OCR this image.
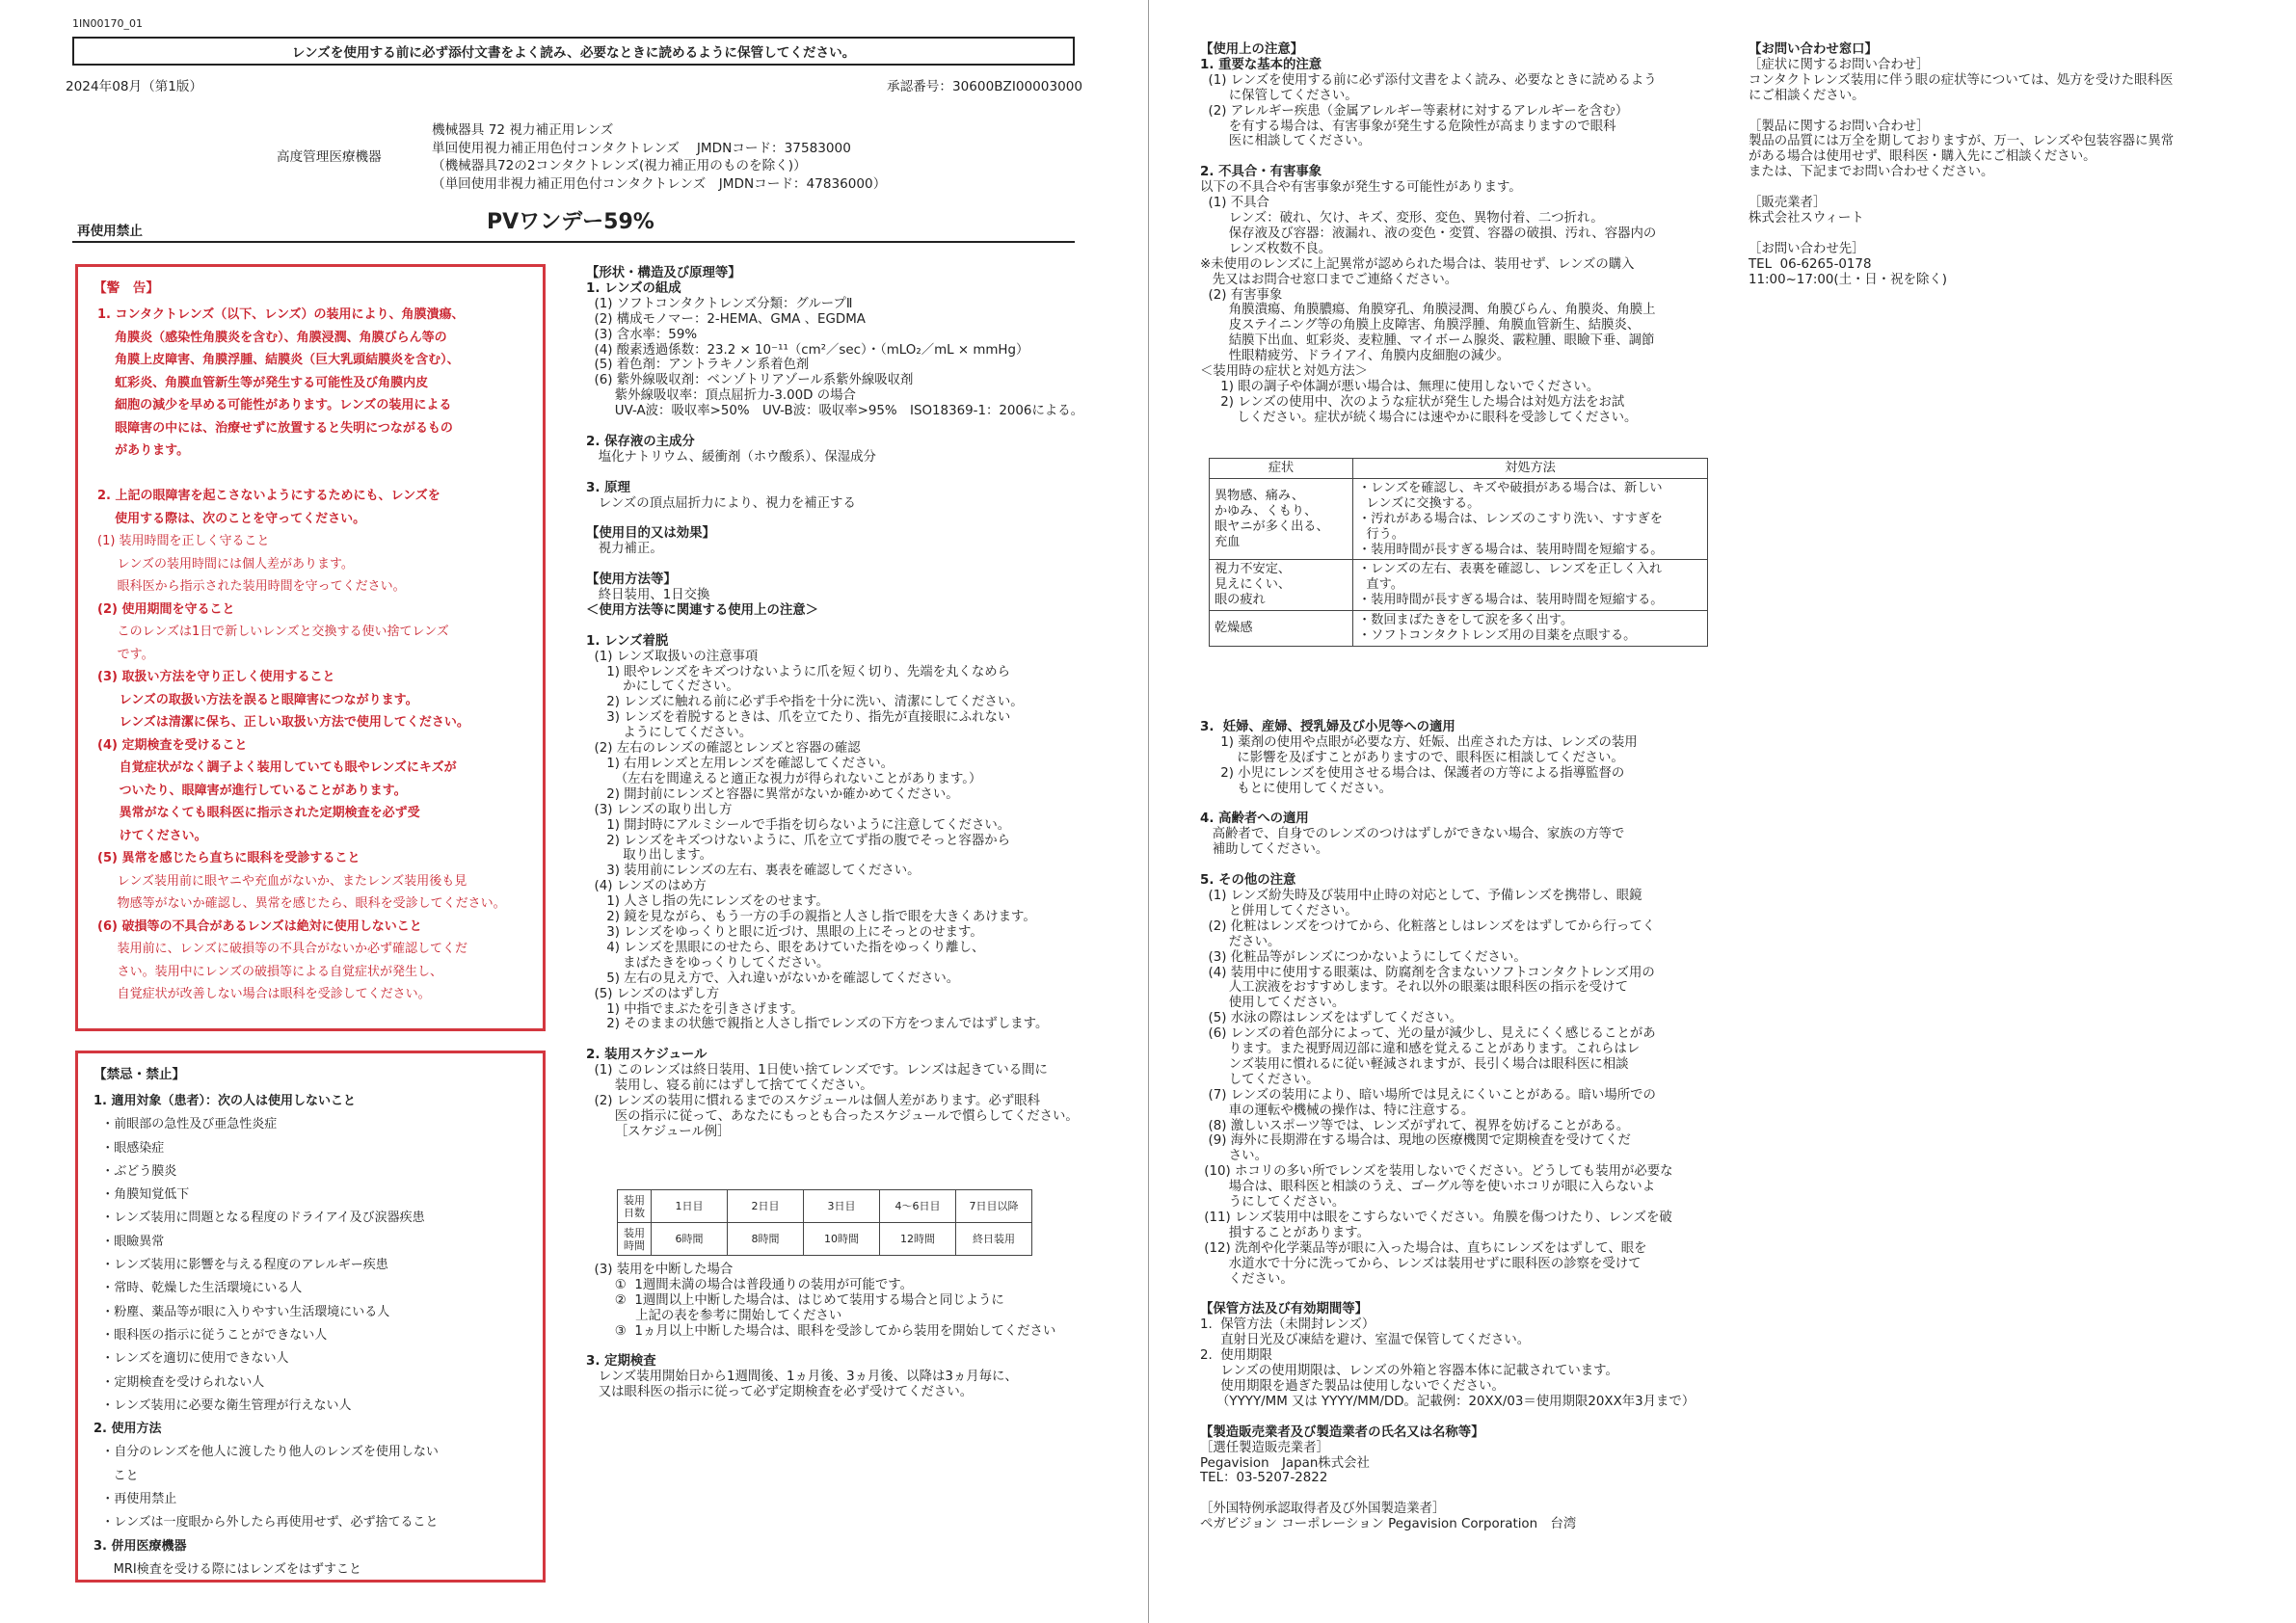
1IN00170_01
レンズを使用する前に必ず添付文書をよく読み、必要なときに読めるように保管してください。
2024年08月（第1版）	承認番号：30600BZI00003000
高度管理医療機器
機械器具 72 視力補正用レンズ
単回使用視力補正用色付コンタクトレンズ　 JMDNコード：37583000
（機械器具72の2コンタクトレンズ(視力補正用のものを除く)）
（単回使用非視力補正用色付コンタクトレンズ　JMDNコード：47836000）
再使用禁止	PVワンデー59%
【警　告】
1. コンタクトレンズ（以下、レンズ）の装用により、角膜潰瘍、
角膜炎（感染性角膜炎を含む）、角膜浸潤、角膜びらん等の
角膜上皮障害、角膜浮腫、結膜炎（巨大乳頭結膜炎を含む）、
虹彩炎、角膜血管新生等が発生する可能性及び角膜内皮
細胞の減少を早める可能性があります。レンズの装用による
眼障害の中には、治療せずに放置すると失明につながるもの
があります。

2. 上記の眼障害を起こさないようにするためにも、レンズを
使用する際は、次のことを守ってください。
(1) 装用時間を正しく守ること
レンズの装用時間には個人差があります。
眼科医から指示された装用時間を守ってください。
(2) 使用期間を守ること
このレンズは1日で新しいレンズと交換する使い捨てレンズ
です。
(3) 取扱い方法を守り正しく使用すること
レンズの取扱い方法を誤ると眼障害につながります。
レンズは清潔に保ち、正しい取扱い方法で使用してください。
(4) 定期検査を受けること
自覚症状がなく調子よく装用していても眼やレンズにキズが
ついたり、眼障害が進行していることがあります。
異常がなくても眼科医に指示された定期検査を必ず受
けてください。
(5) 異常を感じたら直ちに眼科を受診すること
レンズ装用前に眼ヤニや充血がないか、またレンズ装用後も見
物感等がないか確認し、異常を感じたら、眼科を受診してください。
(6) 破損等の不具合があるレンズは絶対に使用しないこと
装用前に、レンズに破損等の不具合がないか必ず確認してくだ
さい。装用中にレンズの破損等による自覚症状が発生し、
自覚症状が改善しない場合は眼科を受診してください。
【禁忌・禁止】
1. 適用対象（患者）：次の人は使用しないこと
・前眼部の急性及び亜急性炎症
・眼感染症
・ぶどう膜炎
・角膜知覚低下
・レンズ装用に問題となる程度のドライアイ及び涙器疾患
・眼瞼異常
・レンズ装用に影響を与える程度のアレルギー疾患
・常時、乾燥した生活環境にいる人
・粉塵、薬品等が眼に入りやすい生活環境にいる人
・眼科医の指示に従うことができない人
・レンズを適切に使用できない人
・定期検査を受けられない人
・レンズ装用に必要な衛生管理が行えない人
2. 使用方法
・自分のレンズを他人に渡したり他人のレンズを使用しない
こと
・再使用禁止
・レンズは一度眼から外したら再使用せず、必ず捨てること
3. 併用医療機器
MRI検査を受ける際にはレンズをはずすこと
【形状・構造及び原理等】
1. レンズの組成
(1) ソフトコンタクトレンズ分類：グループⅡ
(2) 構成モノマー：2-HEMA、GMA 、EGDMA
(3) 含水率：59%
(4) 酸素透過係数：23.2 × 10⁻¹¹（cm²／sec）・（mLO₂／mL × mmHg）
(5) 着色剤：アントラキノン系着色剤
(6) 紫外線吸収剤：ベンゾトリアゾール系紫外線吸収剤
紫外線吸収率：頂点屈折力-3.00D の場合
UV-A波：吸収率>50%　UV-B波：吸収率>95%　ISO18369-1：2006による。

2. 保存液の主成分
塩化ナトリウム、緩衝剤（ホウ酸系）、保湿成分

3. 原理
レンズの頂点屈折力により、視力を補正する

【使用目的又は効果】
視力補正。

【使用方法等】
終日装用、1日交換
＜使用方法等に関連する使用上の注意＞

1. レンズ着脱
(1) レンズ取扱いの注意事項
1) 眼やレンズをキズつけないように爪を短く切り、先端を丸くなめら
かにしてください。
2) レンズに触れる前に必ず手や指を十分に洗い、清潔にしてください。
3) レンズを着脱するときは、爪を立てたり、指先が直接眼にふれない
ようにしてください。
(2) 左右のレンズの確認とレンズと容器の確認
1) 右用レンズと左用レンズを確認してください。
（左右を間違えると適正な視力が得られないことがあります。）
2) 開封前にレンズと容器に異常がないか確かめてください。
(3) レンズの取り出し方
1) 開封時にアルミシールで手指を切らないように注意してください。
2) レンズをキズつけないように、爪を立てず指の腹でそっと容器から
取り出します。
3) 装用前にレンズの左右、裏表を確認してください。
(4) レンズのはめ方
1) 人さし指の先にレンズをのせます。
2) 鏡を見ながら、もう一方の手の親指と人さし指で眼を大きくあけます。
3) レンズをゆっくりと眼に近づけ、黒眼の上にそっとのせます。
4) レンズを黒眼にのせたら、眼をあけていた指をゆっくり離し、
まばたきをゆっくりしてください。
5) 左右の見え方で、入れ違いがないかを確認してください。
(5) レンズのはずし方
1) 中指でまぶたを引きさげます。
2) そのままの状態で親指と人さし指でレンズの下方をつまんではずします。

2. 装用スケジュール
(1) このレンズは終日装用、1日使い捨てレンズです。レンズは起きている間に
装用し、寝る前にはずして捨ててください。
(2) レンズの装用に慣れるまでのスケジュールは個人差があります。必ず眼科
医の指示に従って、あなたにもっとも合ったスケジュールで慣らしてください。
［スケジュール例］
装用
日数	1日目	2日目	3日目	4〜6日目	7日目以降
装用
時間	6時間	8時間	10時間	12時間	終日装用
(3) 装用を中断した場合
①  1週間未満の場合は普段通りの装用が可能です。
②  1週間以上中断した場合は、はじめて装用する場合と同じように
上記の表を参考に開始してください
③  1ヵ月以上中断した場合は、眼科を受診してから装用を開始してください

3. 定期検査
レンズ装用開始日から1週間後、1ヵ月後、3ヵ月後、以降は3ヵ月毎に、
又は眼科医の指示に従って必ず定期検査を必ず受けてください。
【使用上の注意】
1. 重要な基本的注意
(1) レンズを使用する前に必ず添付文書をよく読み、必要なときに読めるよう
に保管してください。
(2) アレルギー疾患（金属アレルギー等素材に対するアレルギーを含む）
を有する場合は、有害事象が発生する危険性が高まりますので眼科
医に相談してください。

2. 不具合・有害事象
以下の不具合や有害事象が発生する可能性があります。
(1) 不具合
レンズ：破れ、欠け、キズ、変形、変色、異物付着、二つ折れ。
保存液及び容器：液漏れ、液の変色・変質、容器の破損、汚れ、容器内の
レンズ枚数不良。
※未使用のレンズに上記異常が認められた場合は、装用せず、レンズの購入
先又はお問合せ窓口までご連絡ください。
(2) 有害事象
角膜潰瘍、角膜膿瘍、角膜穿孔、角膜浸潤、角膜びらん、角膜炎、角膜上
皮ステイニング等の角膜上皮障害、角膜浮腫、角膜血管新生、結膜炎、
結膜下出血、虹彩炎、麦粒腫、マイボーム腺炎、霰粒腫、眼瞼下垂、調節
性眼精疲労、ドライアイ、角膜内皮細胞の減少。
＜装用時の症状と対処方法＞
1) 眼の調子や体調が悪い場合は、無理に使用しないでください。
2) レンズの使用中、次のような症状が発生した場合は対処方法をお試
しください。症状が続く場合には速やかに眼科を受診してください。
症状	対処方法
異物感、痛み、
かゆみ、くもり、
眼ヤニが多く出る、
充血	・レンズを確認し、キズや破損がある場合は、新しい
レンズに交換する。
・汚れがある場合は、レンズのこすり洗い、すすぎを
行う。
・装用時間が長すぎる場合は、装用時間を短縮する。
視力不安定、
見えにくい、
眼の疲れ	・レンズの左右、表裏を確認し、レンズを正しく入れ
直す。
・装用時間が長すぎる場合は、装用時間を短縮する。
乾燥感	・数回まばたきをして涙を多く出す。
・ソフトコンタクトレンズ用の目薬を点眼する。
3.  妊婦、産婦、授乳婦及び小児等への適用
1) 薬剤の使用や点眼が必要な方、妊娠、出産された方は、レンズの装用
に影響を及ぼすことがありますので、眼科医に相談してください。
2) 小児にレンズを使用させる場合は、保護者の方等による指導監督の
もとに使用してください。

4. 高齢者への適用
高齢者で、自身でのレンズのつけはずしができない場合、家族の方等で
補助してください。

5. その他の注意
(1) レンズ紛失時及び装用中止時の対応として、予備レンズを携帯し、眼鏡
と併用してください。
(2) 化粧はレンズをつけてから、化粧落としはレンズをはずしてから行ってく
ださい。
(3) 化粧品等がレンズにつかないようにしてください。
(4) 装用中に使用する眼薬は、防腐剤を含まないソフトコンタクトレンズ用の
人工涙液をおすすめします。それ以外の眼薬は眼科医の指示を受けて
使用してください。
(5) 水泳の際はレンズをはずしてください。
(6) レンズの着色部分によって、光の量が減少し、見えにくく感じることがあ
ります。また視野周辺部に違和感を覚えることがあります。これらはレ
ンズ装用に慣れるに従い軽減されますが、長引く場合は眼科医に相談
してください。
(7) レンズの装用により、暗い場所では見えにくいことがある。暗い場所での
車の運転や機械の操作は、特に注意する。
(8) 激しいスポーツ等では、レンズがずれて、視界を妨げることがある。
(9) 海外に長期滞在する場合は、現地の医療機関で定期検査を受けてくだ
さい。
(10) ホコリの多い所でレンズを装用しないでください。どうしても装用が必要な
場合は、眼科医と相談のうえ、ゴーグル等を使いホコリが眼に入らないよ
うにしてください。
(11) レンズ装用中は眼をこすらないでください。角膜を傷つけたり、レンズを破
損することがあります。
(12) 洗剤や化学薬品等が眼に入った場合は、直ちにレンズをはずして、眼を
水道水で十分に洗ってから、レンズは装用せずに眼科医の診察を受けて
ください。

【保管方法及び有効期間等】
1.  保管方法（未開封レンズ）
直射日光及び凍結を避け、室温で保管してください。
2.  使用期限
レンズの使用期限は、レンズの外箱と容器本体に記載されています。
使用期限を過ぎた製品は使用しないでください。
（YYYY/MM 又は YYYY/MM/DD。記載例：20XX/03＝使用期限20XX年3月まで）

【製造販売業者及び製造業者の氏名又は名称等】
［選任製造販売業者］
Pegavision　Japan株式会社
TEL：03-5207-2822

［外国特例承認取得者及び外国製造業者］
ペガビジョン コーポレーション Pegavision Corporation　台湾
【お問い合わせ窓口】
［症状に関するお問い合わせ］
コンタクトレンズ装用に伴う眼の症状等については、処方を受けた眼科医
にご相談ください。

［製品に関するお問い合わせ］
製品の品質には万全を期しておりますが、万一、レンズや包装容器に異常
がある場合は使用せず、眼科医・購入先にご相談ください。
または、下記までお問い合わせください。

［販売業者］
株式会社スウィート

［お問い合わせ先］
TEL  06-6265-0178
11:00~17:00(土・日・祝を除く)
